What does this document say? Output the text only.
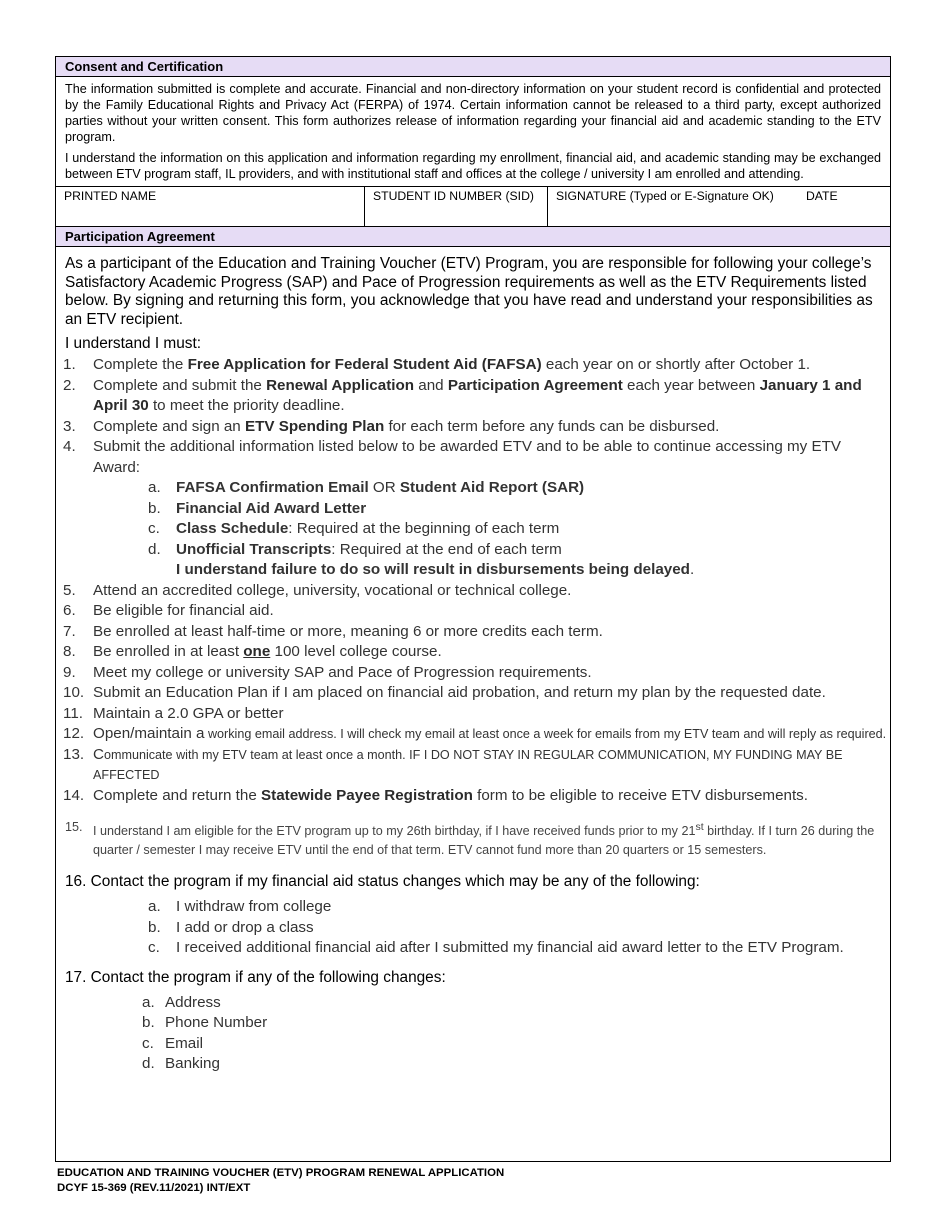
Consent and Certification

The information submitted is complete and accurate. Financial and non-directory information on your student record is confidential and protected by the Family Educational Rights and Privacy Act (FERPA) of 1974. Certain information cannot be released to a third party, except authorized parties without your written consent. This form authorizes release of information regarding your financial aid and academic standing to the ETV program.

I understand the information on this application and information regarding my enrollment, financial aid, and academic standing may be exchanged between ETV program staff, IL providers, and with institutional staff and offices at the college / university I am enrolled and attending.

PRINTED NAME	STUDENT ID NUMBER (SID)	SIGNATURE (Typed or E-Signature OK)	DATE
Participation Agreement
As a participant of the Education and Training Voucher (ETV) Program, you are responsible for following your college’s Satisfactory Academic Progress (SAP) and Pace of Progression requirements as well as the ETV Requirements listed below. By signing and returning this form, you acknowledge that you have read and understand your responsibilities as an ETV recipient.
I understand I must:
1. Complete the Free Application for Federal Student Aid (FAFSA) each year on or shortly after October 1.
2. Complete and submit the Renewal Application and Participation Agreement each year between January 1 and April 30 to meet the priority deadline.
3. Complete and sign an ETV Spending Plan for each term before any funds can be disbursed.
4. Submit the additional information listed below to be awarded ETV and to be able to continue accessing my ETV Award:
a. FAFSA Confirmation Email OR Student Aid Report (SAR)
b. Financial Aid Award Letter
c. Class Schedule: Required at the beginning of each term
d. Unofficial Transcripts: Required at the end of each term
I understand failure to do so will result in disbursements being delayed.
5. Attend an accredited college, university, vocational or technical college.
6. Be eligible for financial aid.
7. Be enrolled at least half-time or more, meaning 6 or more credits each term.
8. Be enrolled in at least one 100 level college course.
9. Meet my college or university SAP and Pace of Progression requirements.
10. Submit an Education Plan if I am placed on financial aid probation, and return my plan by the requested date.
11. Maintain a 2.0 GPA or better
12. Open/maintain a working email address. I will check my email at least once a week for emails from my ETV team and will reply as required.
13. Communicate with my ETV team at least once a month. IF I DO NOT STAY IN REGULAR COMMUNICATION, MY FUNDING MAY BE AFFECTED
14. Complete and return the Statewide Payee Registration form to be eligible to receive ETV disbursements.
15. I understand I am eligible for the ETV program up to my 26th birthday, if I have received funds prior to my 21st birthday. If I turn 26 during the quarter / semester I may receive ETV until the end of that term. ETV cannot fund more than 20 quarters or 15 semesters.
16. Contact the program if my financial aid status changes which may be any of the following:
a. I withdraw from college
b. I add or drop a class
c. I received additional financial aid after I submitted my financial aid award letter to the ETV Program.
17. Contact the program if any of the following changes:
a. Address
b. Phone Number
c. Email
d. Banking
EDUCATION AND TRAINING VOUCHER (ETV) PROGRAM RENEWAL APPLICATION
DCYF 15-369 (REV.11/2021) INT/EXT
